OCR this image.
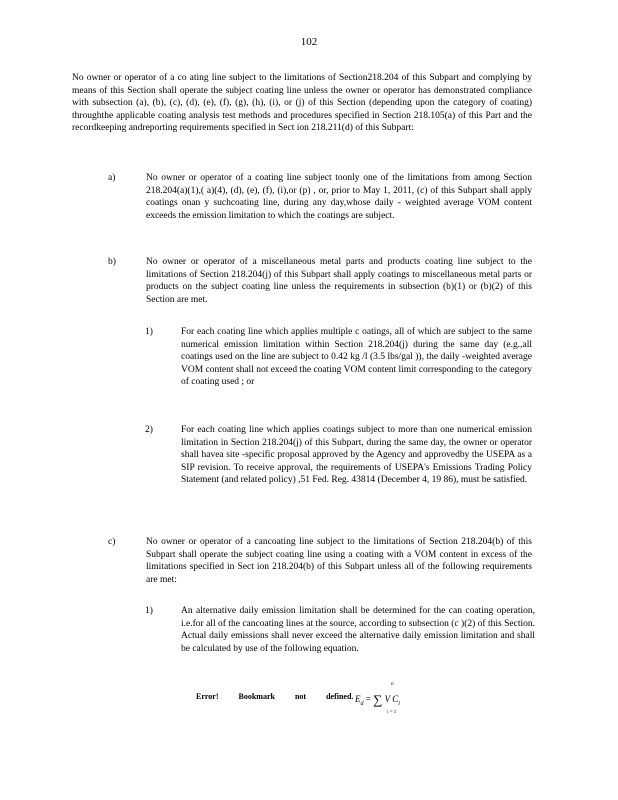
102

No owner or operator of a co ating line subject to the limitations of Section218.204 of this Subpart and complying by means of this Section shall operate the subject coating line unless the owner or operator has demonstrated compliance with subsection (a), (b), (c), (d), (e), (f), (g), (h), (i), or (j) of this Section (depending upon the category of coating) throughthe applicable coating analysis test methods and procedures specified in Section 218.105(a) of this Part and the recordkeeping andreporting requirements specified in Sect ion 218.211(d) of this Subpart:

a)	No owner or operator of a coating line subject toonly one of the limitations from among Section 218.204(a)(1),( a)(4), (d), (e), (f), (i),or (p) , or, prior to May 1, 2011, (c) of this Subpart shall apply coatings onan y suchcoating line, during any day,whose daily - weighted average VOM content exceeds the emission limitation to which the coatings are subject.

b)	No owner or operator of a miscellaneous metal parts and products coating line subject to the limitations of Section 218.204(j) of this Subpart shall apply coatings to miscellaneous metal parts or products on the subject coating line unless the requirements in subsection (b)(1) or (b)(2) of this Section are met.

1)	For each coating line which applies multiple c oatings, all of which are subject to the same numerical emission limitation within Section 218.204(j) during the same day (e.g.,all coatings used on the line are subject to 0.42 kg /l (3.5 lbs/gal )), the daily -weighted average VOM content shall not exceed the coating VOM content limit corresponding to the category of coating used ; or

2)	For each coating line which applies coatings subject to more than one numerical emission limitation in Section 218.204(j) of this Subpart, during the same day, the owner or operator shall havea site -specific proposal approved by the Agency and approvedby the USEPA as a SIP revision. To receive approval, the requirements of USEPA's Emissions Trading Policy Statement (and related policy) ,51 Fed. Reg. 43814 (December 4, 19 86), must be satisfied.

c)	No owner or operator of a cancoating line subject to the limitations of Section 218.204(b) of this Subpart shall operate the subject coating line using a coating with a VOM content in excess of the limitations specified in Sect ion 218.204(b) of this Subpart unless all of the following requirements are met:

1)	An alternative daily emission limitation shall be determined for the can coating operation, i.e.for all of the cancoating lines at the source, according to subsection (c )(2) of this Section. Actual daily emissions shall never exceed the alternative daily emission limitation and shall be calculated by use of the following equation.

Error!	Bookmark	not	defined. $E_d$ =
n
∑
i = 1
V $C_i$
